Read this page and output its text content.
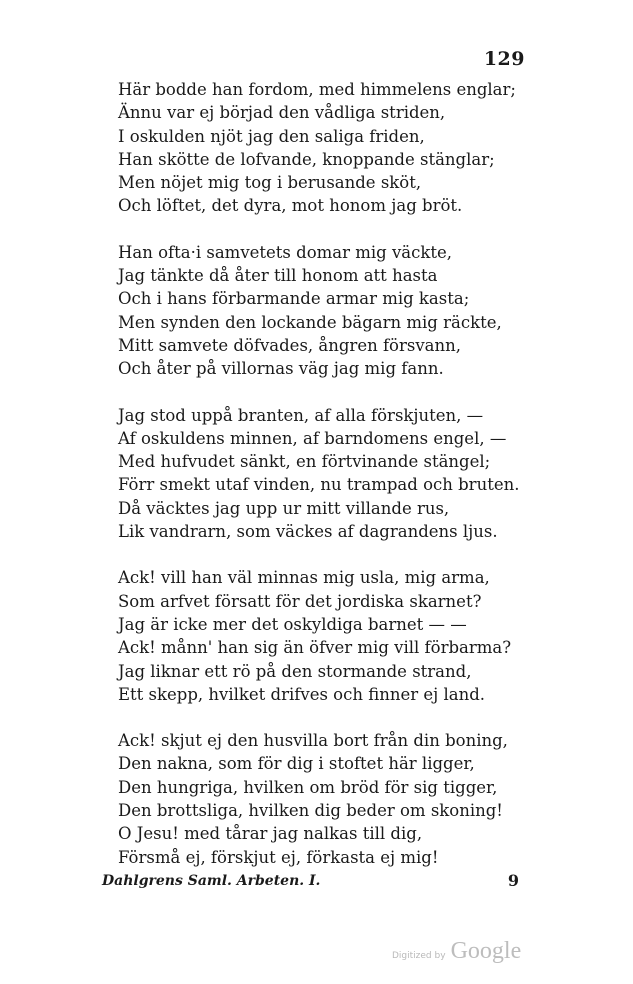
129
Här bodde han fordom, med himmelens englar;
Ännu var ej börjad den vådliga striden,
I oskulden njöt jag den saliga friden,
Han skötte de lofvande, knoppande stänglar;
Men nöjet mig tog i berusande sköt,
Och löftet, det dyra, mot honom jag bröt.
Han ofta·i samvetets domar mig väckte,
Jag tänkte då åter till honom att hasta
Och i hans förbarmande armar mig kasta;
Men synden den lockande bägarn mig räckte,
Mitt samvete döfvades, ångren försvann,
Och åter på villornas väg jag mig fann.
Jag stod uppå branten, af alla förskjuten, —
Af oskuldens minnen, af barndomens engel, —
Med hufvudet sänkt, en förtvinande stängel;
Förr smekt utaf vinden, nu trampad och bruten.
Då väcktes jag upp ur mitt villande rus,
Lik vandrarn, som väckes af dagrandens ljus.
Ack! vill han väl minnas mig usla, mig arma,
Som arfvet försatt för det jordiska skarnet?
Jag är icke mer det oskyldiga barnet — —
Ack! månn' han sig än öfver mig vill förbarma?
Jag liknar ett rö på den stormande strand,
Ett skepp, hvilket drifves och finner ej land.
Ack! skjut ej den husvilla bort från din boning,
Den nakna, som för dig i stoftet här ligger,
Den hungriga, hvilken om bröd för sig tigger,
Den brottsliga, hvilken dig beder om skoning!
O Jesu! med tårar jag nalkas till dig,
Försmå ej, förskjut ej, förkasta ej mig!
Dahlgrens Saml. Arbeten. I.	9
Digitized by Google
